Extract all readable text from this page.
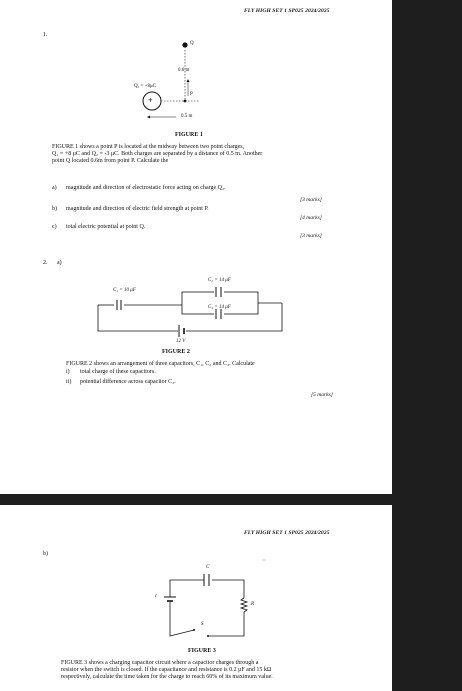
FLY HIGH SET 1 SP025 2024/2025
1.
Q
0.6 m
Q₁ = +8μC
+
P
0.5 m
FIGURE 1
FIGURE 1 shows a point P is located at the midway between two point charges,
Q₁ = +8 μC and Q₂ = -3 μC. Both charges are separated by a distance of 0.5 m. Another
point Q located 0.6m from point P. Calculate the
a) magnitude and direction of electrostatic force acting on charge Q₂.
[3 marks]
b) magnitude and direction of electric field strength at point P.
[4 marks]
c) total electric potential at point Q.
[3 marks]
2. a)
C₂ = 14 μF
C₁ = 10 μF
C₃ = 14 μF
12 V
FIGURE 2
FIGURE 2 shows an arrangement of three capacitors, C₁, C₂ and C₃. Calculate
i) total charge of these capacitors.
ii) potential difference across capacitor C₂.
[5 marks]
FLY HIGH SET 1 SP025 2024/2025
b)
C
ε
R
S
FIGURE 3
FIGURE 3 shows a charging capacitor circuit where a capacitor charges through a
resistor when the switch is closed. If the capacitance and resistance is 0.2 μF and 15 kΩ
respectively, calculate the time taken for the charge to reach 60% of its maximum value.
